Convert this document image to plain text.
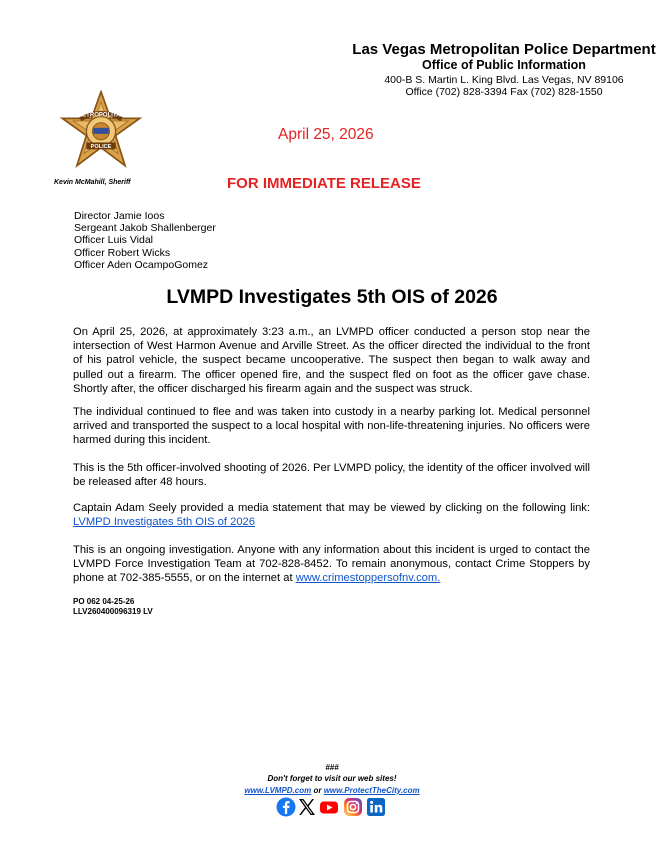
Las Vegas Metropolitan Police Department
Office of Public Information
400-B S. Martin L. King Blvd. Las Vegas, NV 89106
Office (702) 828-3394 Fax (702) 828-1550
METROPOLITAN
POLICE
Kevin McMahill, Sheriff
April 25, 2026
FOR IMMEDIATE RELEASE
Director Jamie Ioos
Sergeant Jakob Shallenberger
Officer Luis Vidal
Officer Robert Wicks
Officer Aden OcampoGomez
LVMPD Investigates 5th OIS of 2026
On April 25, 2026, at approximately 3:23 a.m., an LVMPD officer conducted a person stop near the intersection of West Harmon Avenue and Arville Street. As the officer directed the individual to the front of his patrol vehicle, the suspect became uncooperative. The suspect then began to walk away and pulled out a firearm. The officer opened fire, and the suspect fled on foot as the officer gave chase. Shortly after, the officer discharged his firearm again and the suspect was struck.
The individual continued to flee and was taken into custody in a nearby parking lot. Medical personnel arrived and transported the suspect to a local hospital with non-life-threatening injuries. No officers were harmed during this incident.
This is the 5th officer-involved shooting of 2026. Per LVMPD policy, the identity of the officer involved will be released after 48 hours.
Captain Adam Seely provided a media statement that may be viewed by clicking on the following link: LVMPD Investigates 5th OIS of 2026
This is an ongoing investigation. Anyone with any information about this incident is urged to contact the LVMPD Force Investigation Team at 702-828-8452. To remain anonymous, contact Crime Stoppers by phone at 702-385-5555, or on the internet at www.crimestoppersofnv.com.
PO 062 04-25-26
LLV260400096319 LV
###
Don't forget to visit our web sites!
www.LVMPD.com or www.ProtectTheCity.com
